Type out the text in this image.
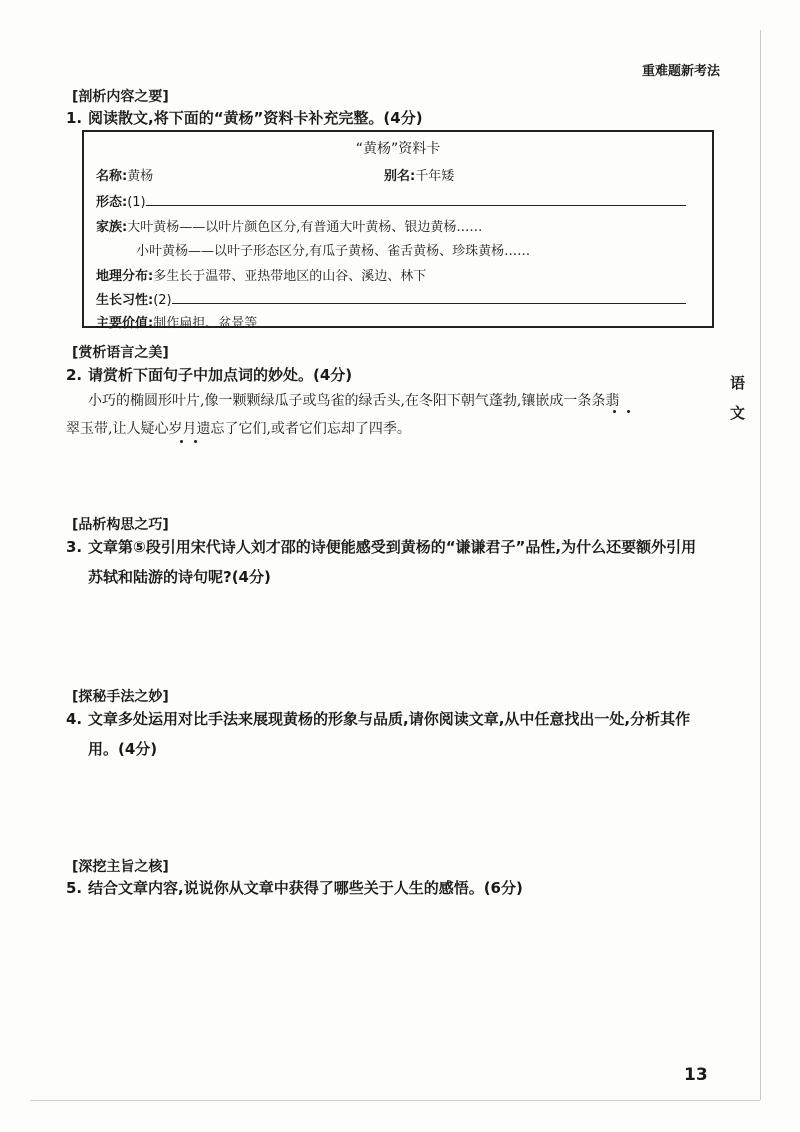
重难题新考法
语
文
[剖析内容之要]
1. 阅读散文,将下面的“黄杨”资料卡补充完整。(4分)
“黄杨”资料卡
名称:黄杨	别名:千年矮
形态:(1)
家族:大叶黄杨——以叶片颜色区分,有普通大叶黄杨、银边黄杨……
小叶黄杨——以叶子形态区分,有瓜子黄杨、雀舌黄杨、珍珠黄杨……
地理分布:多生长于温带、亚热带地区的山谷、溪边、林下
生长习性:(2)
主要价值:制作扁担、盆景等
[赏析语言之美]
2. 请赏析下面句子中加点词的妙处。(4分)
小巧的椭圆形叶片,像一颗颗绿瓜子或鸟雀的绿舌头,在冬阳下朝气蓬勃,镶嵌成一条条翡
翠玉带,让人疑心岁月遗忘了它们,或者它们忘却了四季。
[品析构思之巧]
3. 文章第⑤段引用宋代诗人刘才邵的诗便能感受到黄杨的“谦谦君子”品性,为什么还要额外引用
苏轼和陆游的诗句呢?(4分)
[探秘手法之妙]
4. 文章多处运用对比手法来展现黄杨的形象与品质,请你阅读文章,从中任意找出一处,分析其作
用。(4分)
[深挖主旨之核]
5. 结合文章内容,说说你从文章中获得了哪些关于人生的感悟。(6分)
13
